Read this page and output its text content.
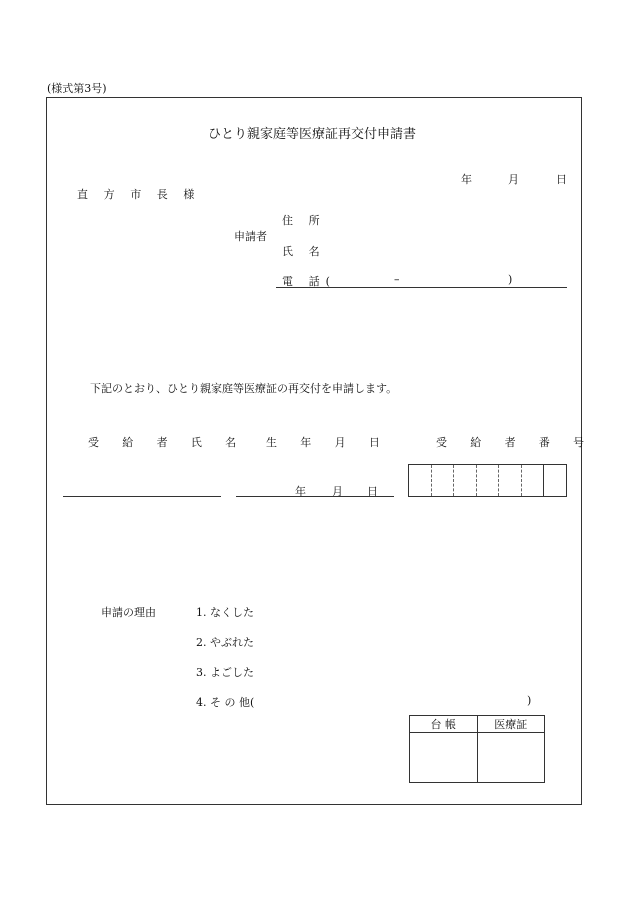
(様式第3号)
ひとり親家庭等医療証再交付申請書
年	月	日
直 方 市 長 様
申請者
住 所
氏 名
電 話(	–	)
下記のとおり、ひとり親家庭等医療証の再交付を申請します。
受 給 者 氏 名 生 年 月 日	受 給 者 番 号
年 月 日
申請の理由	1. なくした
2. やぶれた
3. よごした
4. そ の 他(	)
台 帳	医療証
